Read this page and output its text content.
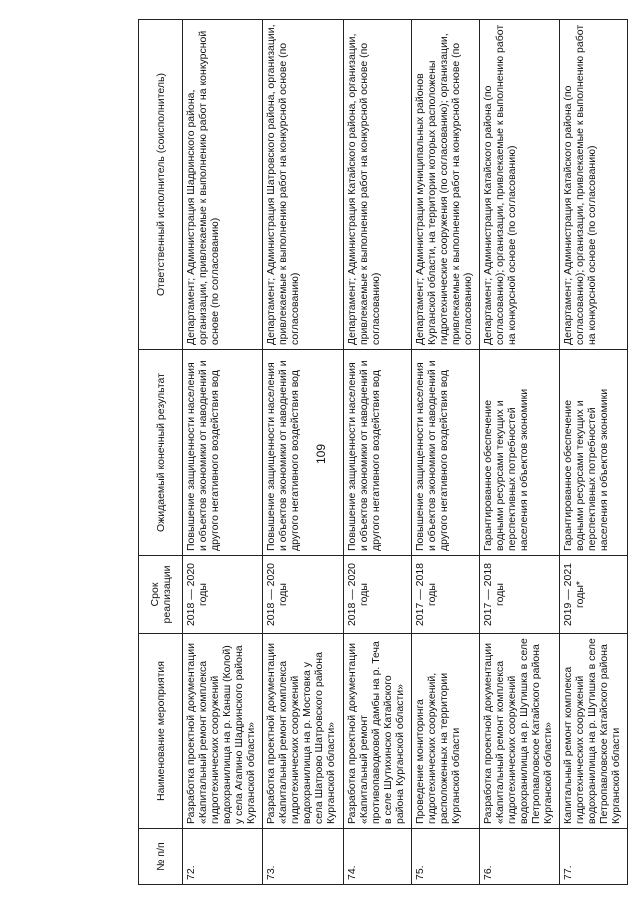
109
№ п/п	Наименование мероприятия	Срок реализации	Ожидаемый конечный результат	Ответственный исполнитель (соисполнитель)
72.	Разработка проектной документации «Капитальный ремонт комплекса гидротехнических сооружений водохранилища на р. Канаш (Колой) у села Агапино Шадринского района Курганской области»	2018 — 2020 годы	Повышение защищенности населения и объектов экономики от наводнений и другого негативного воздействия вод	Департамент; Администрация Шадринского района, организации, привлекаемые к выполнению работ на конкурсной основе (по согласованию)
73.	Разработка проектной документации «Капитальный ремонт комплекса гидротехнических сооружений водохранилища на р. Мостовка у села Шатрово Шатровского района Курганской области»	2018 — 2020 годы	Повышение защищенности населения и объектов экономики от наводнений и другого негативного воздействия вод	Департамент; Администрация Шатровского района, организации, привлекаемые к выполнению работ на конкурсной основе (по согласованию)
74.	Разработка проектной документации «Капитальный ремонт противопаводковой дамбы на р. Теча в селе Шутихинско Катайского района Курганской области»	2018 — 2020 годы	Повышение защищенности населения и объектов экономики от наводнений и другого негативного воздействия вод	Департамент; Администрация Катайского района, организации, привлекаемые к выполнению работ на конкурсной основе (по согласованию)
75.	Проведение мониторинга гидротехнических сооружений, расположенных на территории Курганской области	2017 — 2018 годы	Повышение защищенности населения и объектов экономики от наводнений и другого негативного воздействия вод	Департамент; Администрации муниципальных районов Курганской области, на территории которых расположены гидротехнические сооружения (по согласованию); организации, привлекаемые к выполнению работ на конкурсной основе (по согласованию)
76.	Разработка проектной документации «Капитальный ремонт комплекса гидротехнических сооружений водохранилища на р. Шутишка в селе Петропавловское Катайского района Курганской области»	2017 — 2018 годы	Гарантированное обеспечение водными ресурсами текущих и перспективных потребностей населения и объектов экономики	Департамент; Администрация Катайского района (по согласованию); организации, привлекаемые к выполнению работ на конкурсной основе (по согласованию)
77.	Капитальный ремонт комплекса гидротехнических сооружений водохранилища на р. Шутишка в селе Петропавловское Катайского района Курганской области	2019 — 2021 годы*	Гарантированное обеспечение водными ресурсами текущих и перспективных потребностей населения и объектов экономики	Департамент; Администрация Катайского района (по согласованию); организации, привлекаемые к выполнению работ на конкурсной основе (по согласованию)
